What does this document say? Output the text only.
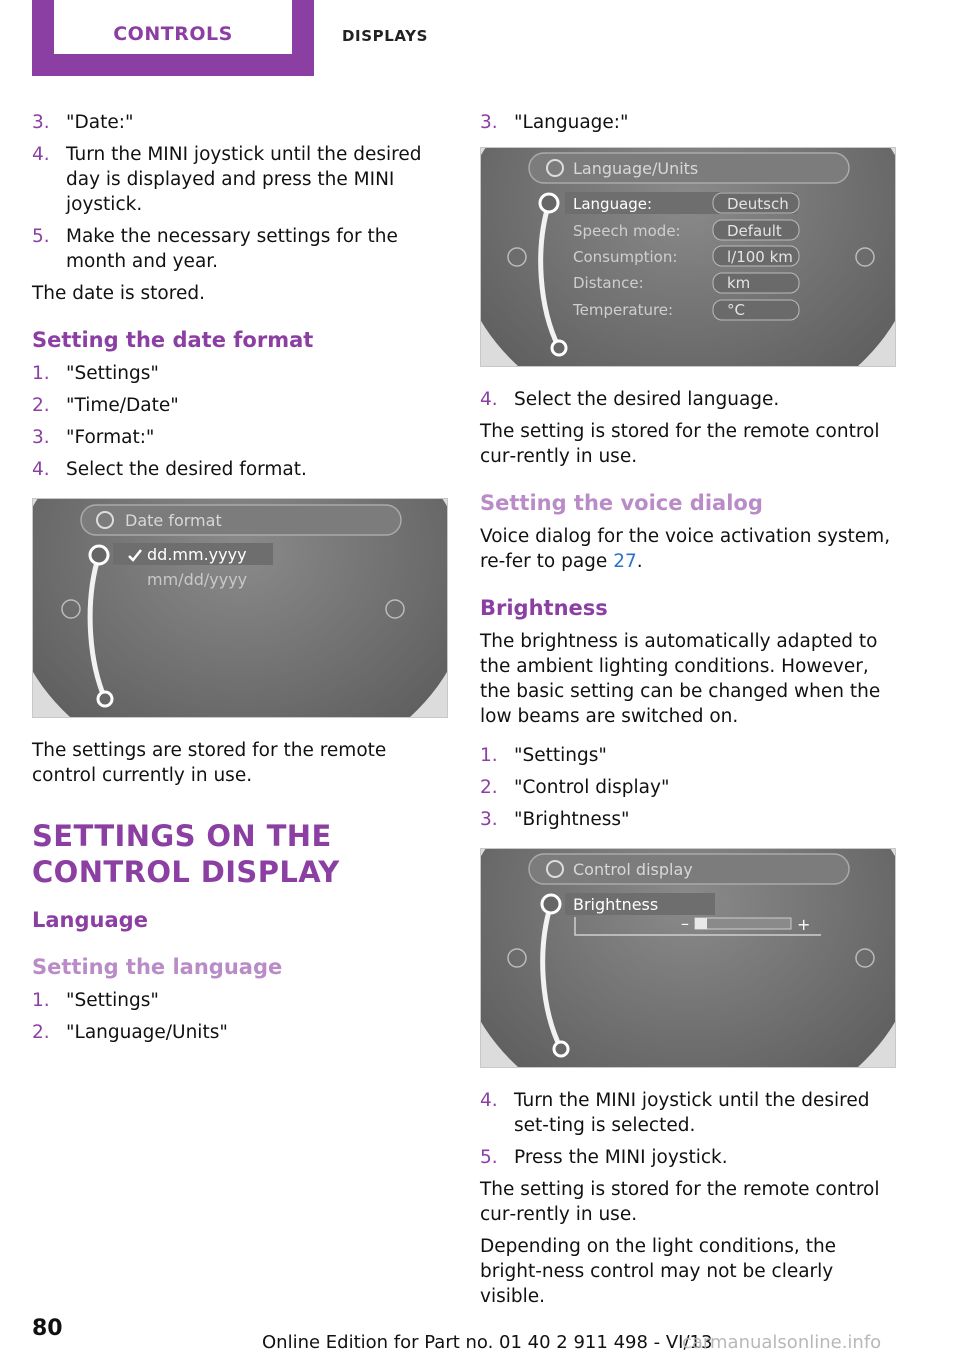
CONTROLS	DISPLAYS
3. "Date:"
4. Turn the MINI joystick until the desired day is displayed and press the MINI joystick.
5. Make the necessary settings for the month and year.

The date is stored.

Setting the date format
1. "Settings"
2. "Time/Date"
3. "Format:"
4. Select the desired format.
Date format
dd.mm.yyyy
mm/dd/yyyy

The settings are stored for the remote control currently in use.

SETTINGS ON THE CONTROL DISPLAY
Language
Setting the language
1. "Settings"
2. "Language/Units"
3. "Language:"
Language/Units
Language:
Speech mode:
Consumption:
Distance:
Temperature:
Deutsch
Default
l/100 km
km
°C
4. Select the desired language.

The setting is stored for the remote control cur‐rently in use.

Setting the voice dialog

Voice dialog for the voice activation system, re‐fer to page 27.

Brightness

The brightness is automatically adapted to the ambient lighting conditions. However, the basic setting can be changed when the low beams are switched on.

1. "Settings"
2. "Control display"
3. "Brightness"
Control display
Brightness
–	+
4. Turn the MINI joystick until the desired set‐ting is selected.
5. Press the MINI joystick.

The setting is stored for the remote control cur‐rently in use.

Depending on the light conditions, the bright‐ness control may not be clearly visible.

80
Online Edition for Part no. 01 40 2 911 498 - VI/13
carmanualsonline.info
